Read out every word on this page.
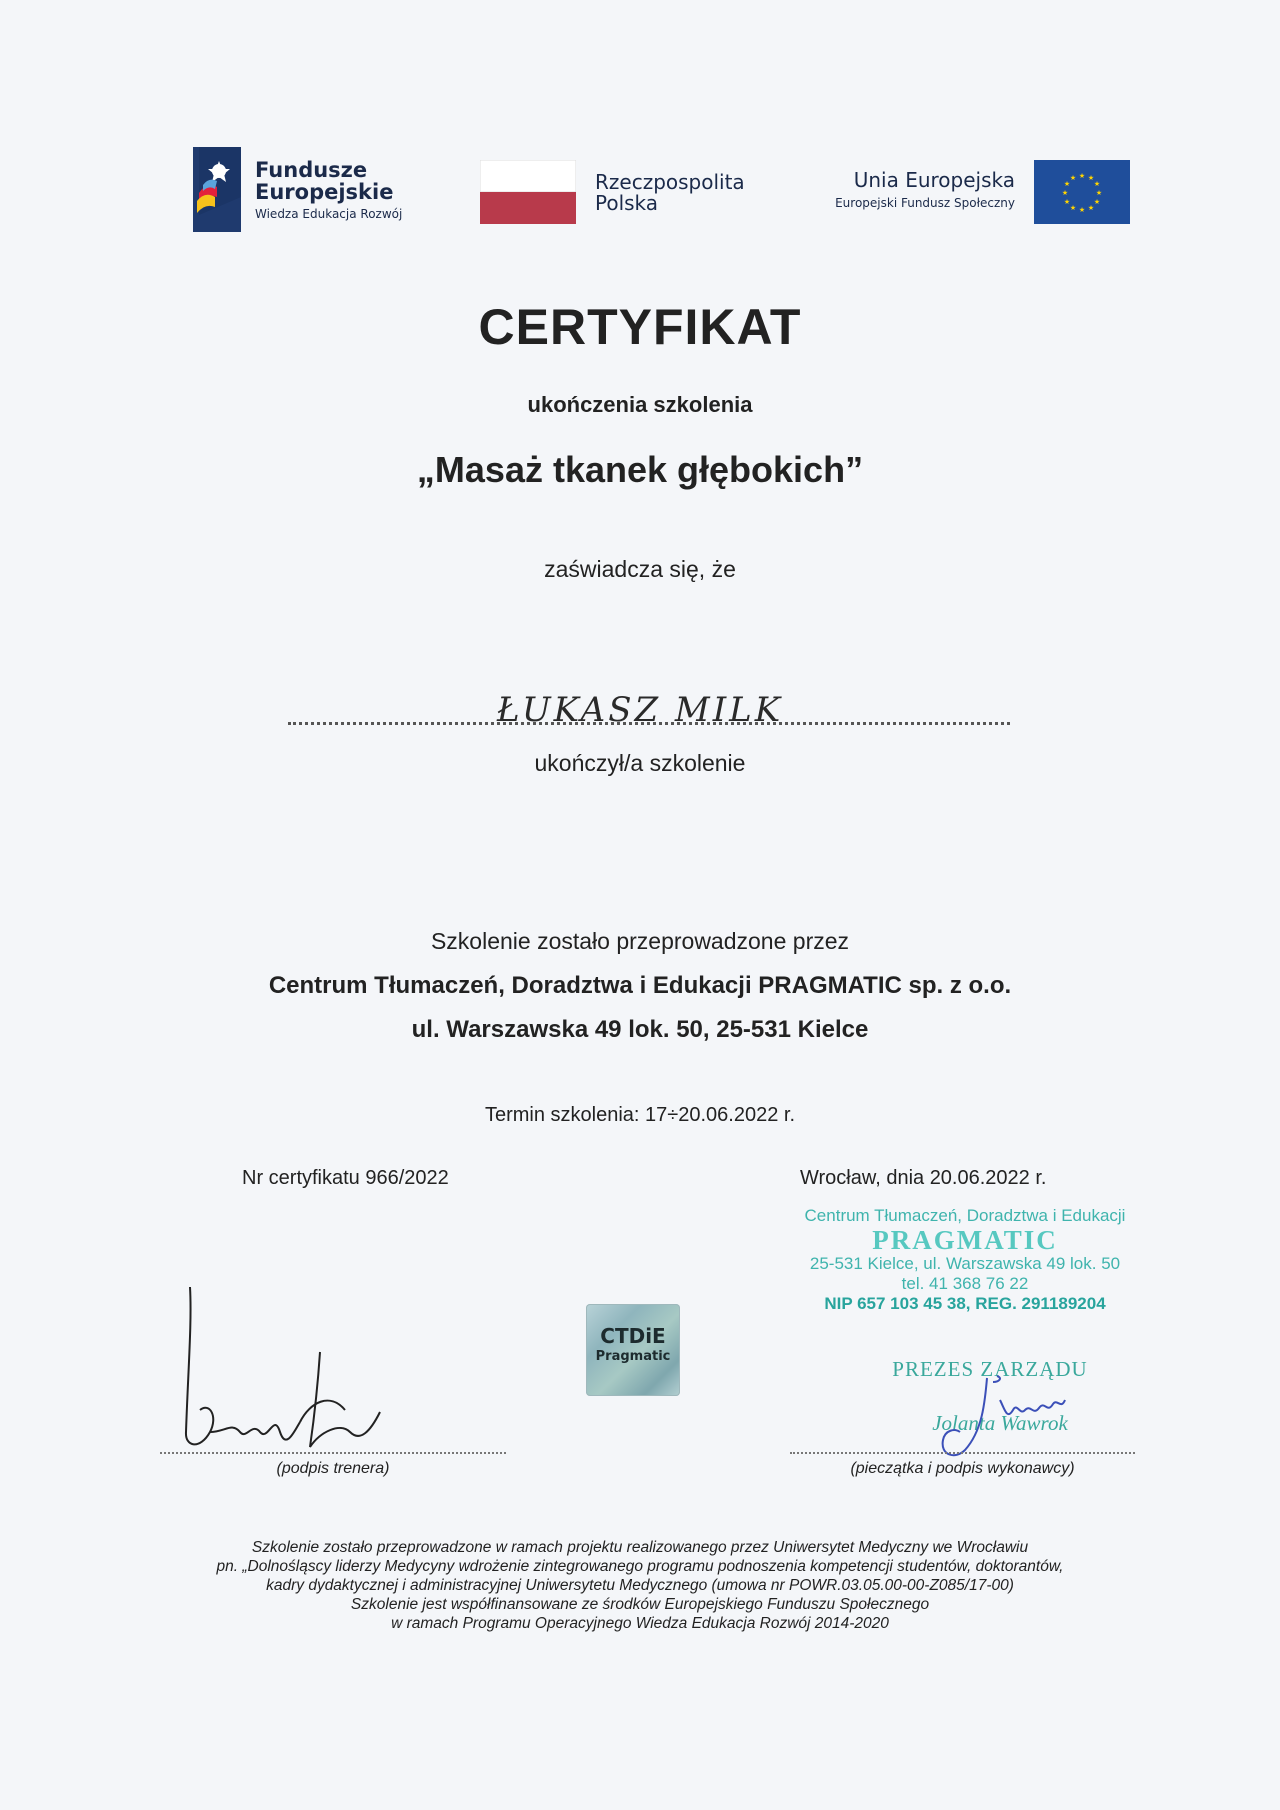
Fundusze
Europejskie
Wiedza Edukacja Rozwój
Rzeczpospolita
Polska
Unia Europejska
Europejski Fundusz Społeczny
★ ★
★
★
★
★
★
★
★
★
★
★
CERTYFIKAT
ukończenia szkolenia
„Masaż tkanek głębokich”
zaświadcza się, że
ŁUKASZ MILK
ukończył/a szkolenie
Szkolenie zostało przeprowadzone przez
Centrum Tłumaczeń, Doradztwa i Edukacji PRAGMATIC sp. z o.o.
ul. Warszawska 49 lok. 50, 25-531 Kielce
Termin szkolenia: 17÷20.06.2022 r.
Nr certyfikatu 966/2022	Wrocław, dnia 20.06.2022 r.
Centrum Tłumaczeń, Doradztwa i Edukacji
PRAGMATIC
25-531 Kielce, ul. Warszawska 49 lok. 50
tel. 41 368 76 22
NIP 657 103 45 38, REG. 291189204
CTDiE
Pragmatic
PREZES ZARZĄDU
Jolanta Wawrok
(podpis trenera)	(pieczątka i podpis wykonawcy)
Szkolenie zostało przeprowadzone w ramach projektu realizowanego przez Uniwersytet Medyczny we Wrocławiu
pn. „Dolnośląscy liderzy Medycyny wdrożenie zintegrowanego programu podnoszenia kompetencji studentów, doktorantów,
kadry dydaktycznej i administracyjnej Uniwersytetu Medycznego (umowa nr POWR.03.05.00-00-Z085/17-00)
Szkolenie jest współfinansowane ze środków Europejskiego Funduszu Społecznego
w ramach Programu Operacyjnego Wiedza Edukacja Rozwój 2014-2020
